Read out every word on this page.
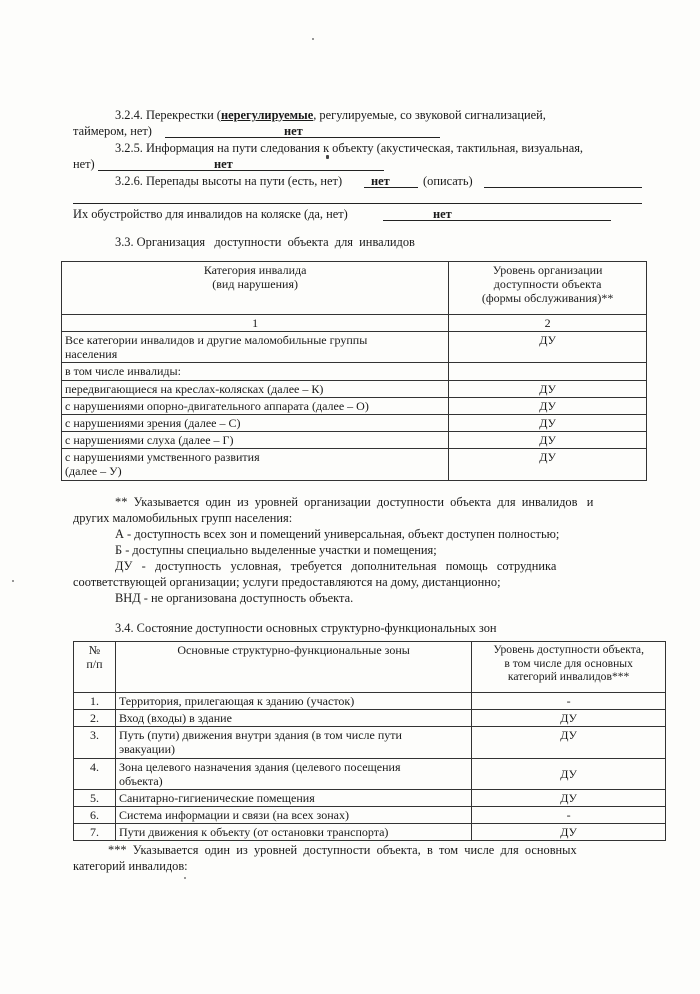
3.2.4. Перекрестки (нерегулируемые, регулируемые, со звуковой сигнализацией,
таймером, нет)	нет
3.2.5. Информация на пути следования к объекту (акустическая, тактильная, визуальная,
нет)	нет
3.2.6. Перепады высоты на пути (есть, нет) нет	(описать)
Их обустройство для инвалидов на коляске (да, нет)	нет
3.3. Организация   доступности  объекта  для  инвалидов
Категория инвалида
(вид нарушения)	Уровень организации
доступности объекта
(формы обслуживания)**
1	2
Все категории инвалидов и другие маломобильные группы
населения	ДУ
в том числе инвалиды:	
передвигающиеся на креслах-колясках (далее – К)	ДУ
с нарушениями опорно-двигательного аппарата (далее – О)	ДУ
с нарушениями зрения (далее – С)	ДУ
с нарушениями слуха (далее – Г)	ДУ
с нарушениями умственного развития
(далее – У)	ДУ
**  Указывается  один  из  уровней  организации  доступности  объекта  для  инвалидов   и
других маломобильных групп населения:
А - доступность всех зон и помещений универсальная, объект доступен полностью;
Б - доступны специально выделенные участки и помещения;
ДУ   -   доступность   условная,   требуется   дополнительная   помощь   сотрудника
соответствующей организации; услуги предоставляются на дому, дистанционно;
ВНД - не организована доступность объекта.
3.4. Состояние доступности основных структурно-функциональных зон
№
п/п	Основные структурно-функциональные зоны	Уровень доступности объекта,
в том числе для основных
категорий инвалидов***
1.	Территория, прилегающая к зданию (участок)	-
2.	Вход (входы) в здание	ДУ
3.	Путь (пути) движения внутри здания (в том числе пути
эвакуации)	ДУ
4.	Зона целевого назначения здания (целевого посещения
объекта)	ДУ
5.	Санитарно-гигиенические помещения	ДУ
6.	Система информации и связи (на всех зонах)	-
7.	Пути движения к объекту (от остановки транспорта)	ДУ
***  Указывается  один  из  уровней  доступности  объекта,  в  том  числе  для  основных
категорий инвалидов:
